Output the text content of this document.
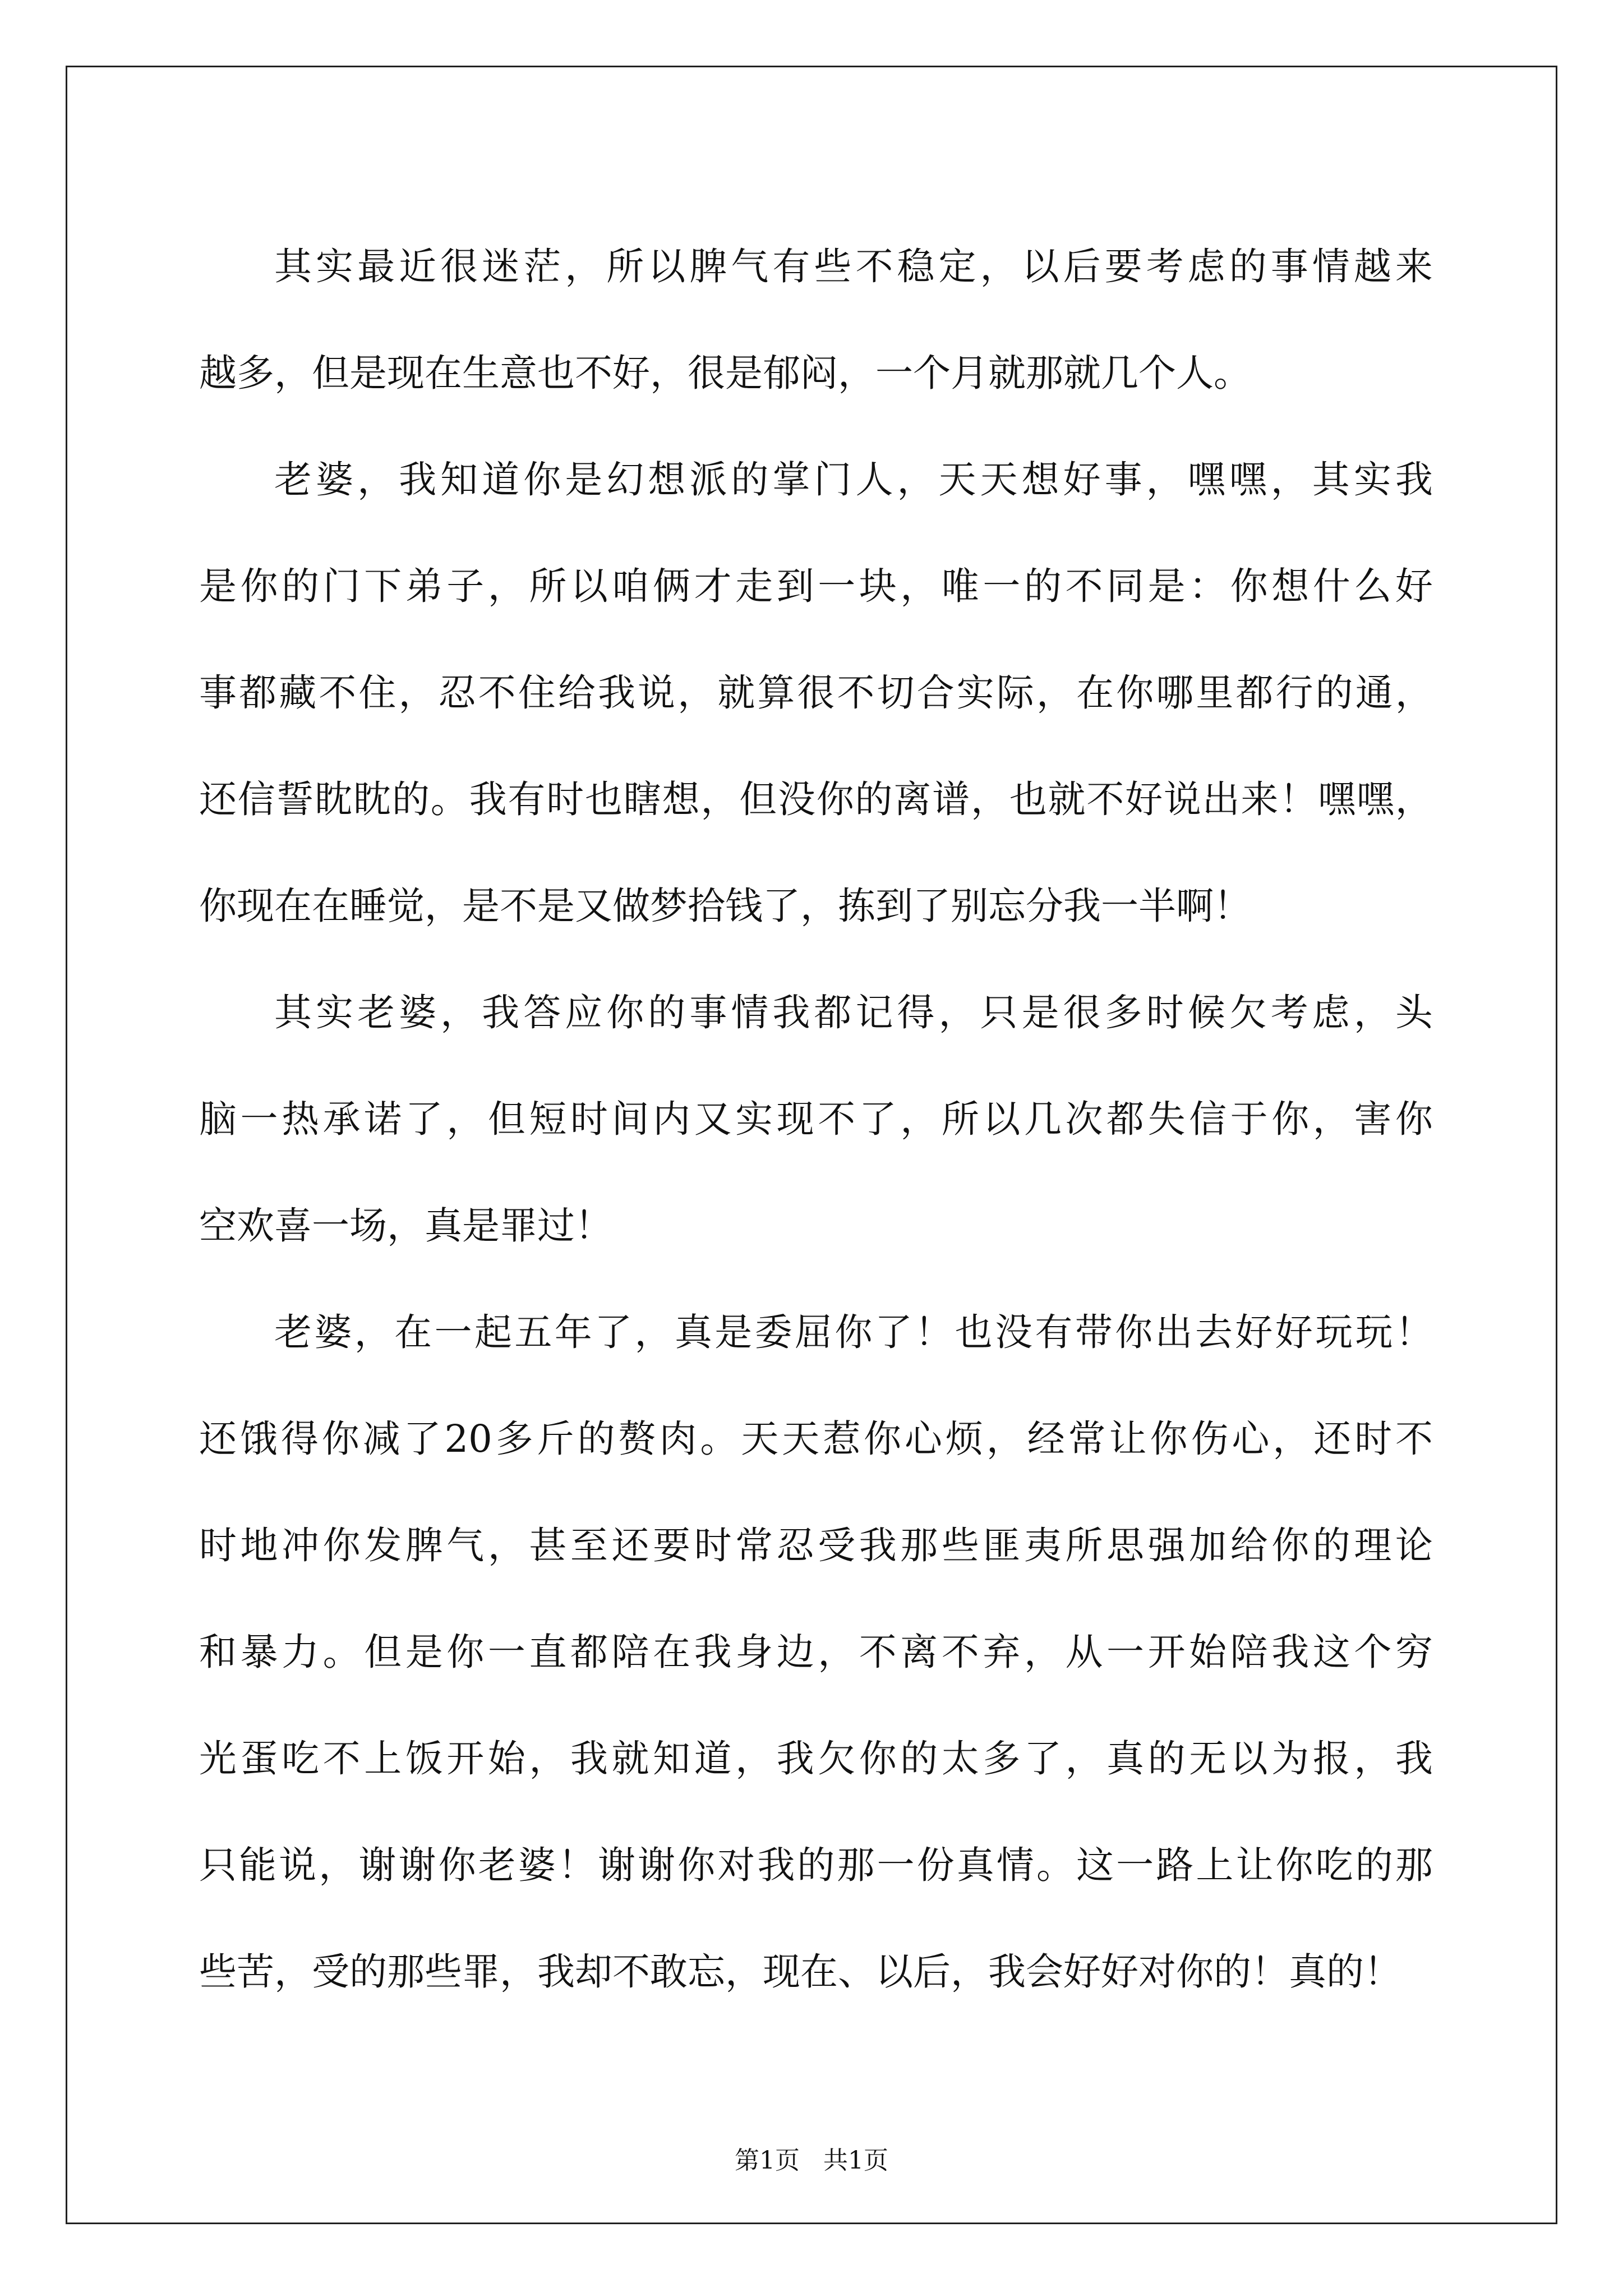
其 实 最 近 很 迷 茫 ， 所 以 脾 气 有 些 不 稳 定 ， 以 后 要 考 虑 的 事 情 越 来
越多，但是现在生意也不好，很是郁闷，一个月就那就几个人。
老 婆 ， 我 知 道 你 是 幻 想 派 的 掌 门 人 ， 天 天 想 好 事 ， 嘿 嘿 ， 其 实 我
是 你 的 门 下 弟 子 ， 所 以 咱 俩 才 走 到 一 块 ， 唯 一 的 不 同 是 ： 你 想 什 么 好
事 都 藏 不 住 ， 忍 不 住 给 我 说 ， 就 算 很 不 切 合 实 际 ， 在 你 哪 里 都 行 的 通 ，
还 信 誓 眈 眈 的 。 我 有 时 也 瞎 想 ， 但 没 你 的 离 谱 ， 也 就 不 好 说 出 来 ！ 嘿 嘿 ，
你现在在睡觉，是不是又做梦拾钱了，拣到了别忘分我一半啊！
其 实 老 婆 ， 我 答 应 你 的 事 情 我 都 记 得 ， 只 是 很 多 时 候 欠 考 虑 ， 头
脑 一 热 承 诺 了 ， 但 短 时 间 内 又 实 现 不 了 ， 所 以 几 次 都 失 信 于 你 ， 害 你
空欢喜一场，真是罪过！
老 婆 ， 在 一 起 五 年 了 ， 真 是 委 屈 你 了 ！ 也 没 有 带 你 出 去 好 好 玩 玩 ！
还 饿 得 你 减 了 20 多 斤 的 赘 肉 。 天 天 惹 你 心 烦 ， 经 常 让 你 伤 心 ， 还 时 不
时 地 冲 你 发 脾 气 ， 甚 至 还 要 时 常 忍 受 我 那 些 匪 夷 所 思 强 加 给 你 的 理 论
和 暴 力 。 但 是 你 一 直 都 陪 在 我 身 边 ， 不 离 不 弃 ， 从 一 开 始 陪 我 这 个 穷
光 蛋 吃 不 上 饭 开 始 ， 我 就 知 道 ， 我 欠 你 的 太 多 了 ， 真 的 无 以 为 报 ， 我
只 能 说 ， 谢 谢 你 老 婆 ！ 谢 谢 你 对 我 的 那 一 份 真 情 。 这 一 路 上 让 你 吃 的 那
些苦，受的那些罪，我却不敢忘，现在、以后，我会好好对你的！真的！
第1页 共1页
